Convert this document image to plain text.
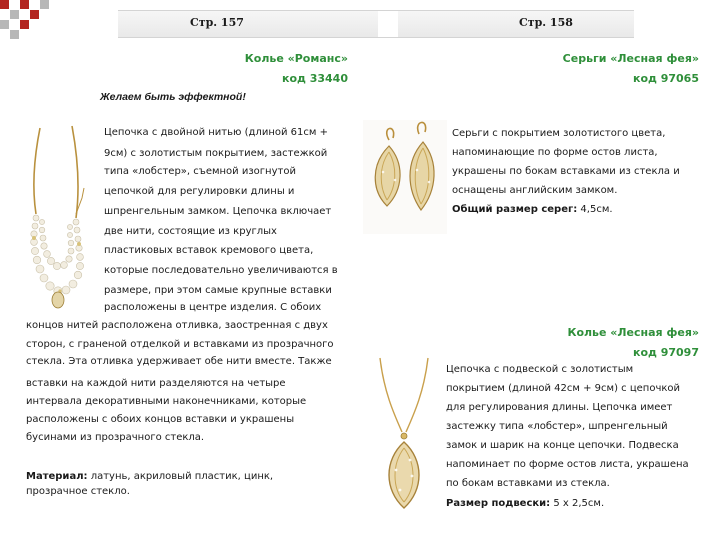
Стр. 157	Стр. 158
Колье «Романс»
код 33440
Желаем быть эффектной!
Цепочка с двойной нитью (длиной 61см +
9см) с золотистым покрытием, застежкой
типа «лобстер», съемной изогнутой
цепочкой для регулировки длины и
шпренгельным замком. Цепочка включает
две нити, состоящие из круглых
пластиковых вставок кремового цвета,
которые последовательно увеличиваются в
размере, при этом самые крупные вставки
расположены в центре изделия. С обоих
концов нитей расположена отливка, заостренная с двух
сторон, с граненой отделкой и вставками из прозрачного
стекла. Эта отливка удерживает обе нити вместе. Также
вставки на каждой нити разделяются на четыре
интервала декоративными наконечниками, которые
расположены с обоих концов вставки и украшены
бусинами из прозрачного стекла.
Материал: латунь, акриловый пластик, цинк,
прозрачное стекло.
Серьги «Лесная фея»
код 97065
Серьги с покрытием золотистого цвета,
напоминающие по форме остов листа,
украшены по бокам вставками из стекла и
оснащены английским замком.
Общий размер серег: 4,5см.
Колье «Лесная фея»
код 97097
Цепочка с подвеской с золотистым
покрытием (длиной 42см + 9см) с цепочкой
для регулирования длины. Цепочка имеет
застежку типа «лобстер», шпренгельный
замок и шарик на конце цепочки. Подвеска
напоминает по форме остов листа, украшена
по бокам вставками из стекла.
Размер подвески: 5 х 2,5см.
